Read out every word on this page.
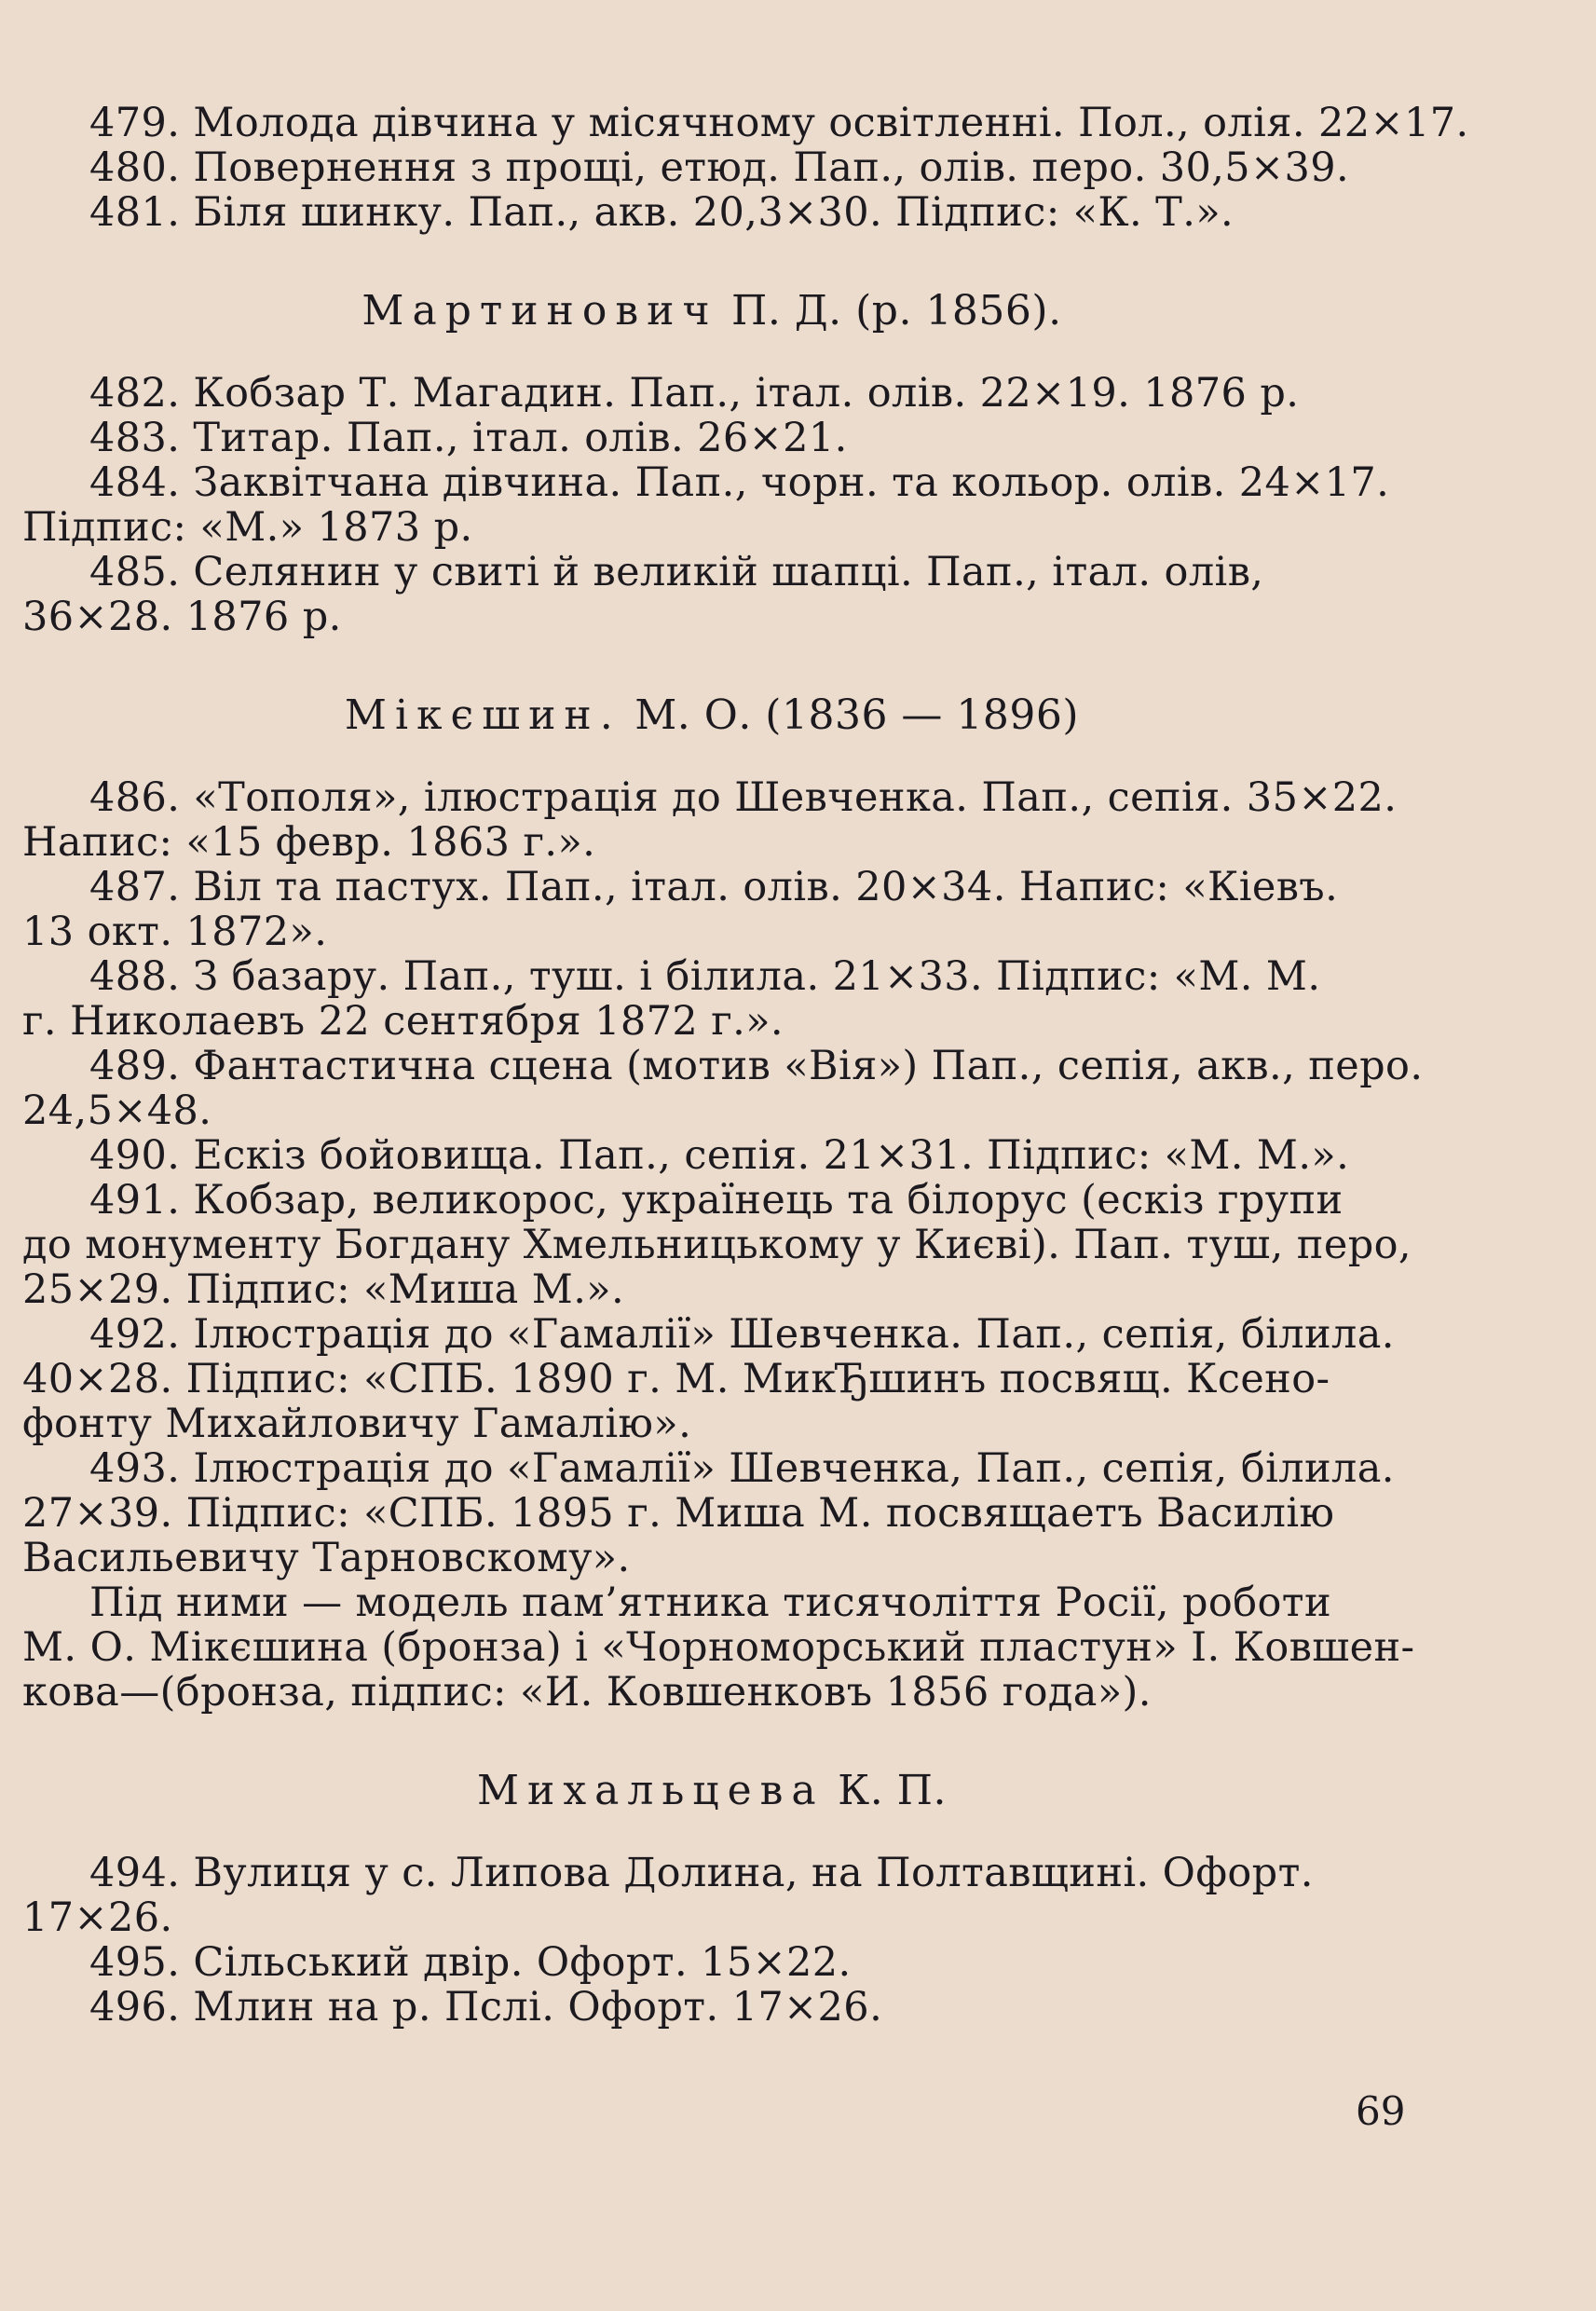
479. Молода дівчина у місячному освітленні. Пол., олія. 22×17.

480. Повернення з прощі, етюд. Пап., олів. перо. 30,5×39.

481. Біля шинку. Пап., акв. 20,3×30. Підпис: «К. Т.».

Мартинович П. Д. (р. 1856).

482. Кобзар Т. Магадин. Пап., італ. олів. 22×19. 1876 р.

483. Титар. Пап., італ. олів. 26×21.

484. Заквітчана дівчина. Пап., чорн. та кольор. олів. 24×17.

Підпис: «М.» 1873 р.

485. Селянин у свиті й великій шапці. Пап., італ. олів,

36×28. 1876 р.

Мікєшин. М. О. (1836 — 1896)

486. «Тополя», ілюстрація до Шевченка. Пап., сепія. 35×22.

Напис: «15 февр. 1863 г.».

487. Віл та пастух. Пап., італ. олів. 20×34. Напис: «Кіевъ.

13 окт. 1872».

488. З базару. Пап., туш. і білила. 21×33. Підпис: «М. М.

г. Николаевъ 22 сентября 1872 г.».

489. Фантастична сцена (мотив «Вія») Пап., сепія, акв., перо.

24,5×48.

490. Ескіз бойовища. Пап., сепія. 21×31. Підпис: «М. М.».

491. Кобзар, великорос, українець та білорус (ескіз групи

до монументу Богдану Хмельницькому у Києві). Пап. туш, перо,

25×29. Підпис: «Миша М.».

492. Ілюстрація до «Гамалії» Шевченка. Пап., сепія, білила.

40×28. Підпис: «СПБ. 1890 г. М. МикЂшинъ посвящ. Ксено-

фонту Михайловичу Гамалію».

493. Ілюстрація до «Гамалії» Шевченка, Пап., сепія, білила.

27×39. Підпис: «СПБ. 1895 г. Миша М. посвящаетъ Василію

Васильевичу Тарновскому».

Під ними — модель пам’ятника тисячоліття Росії, роботи

М. О. Мікєшина (бронза) і «Чорноморський пластун» І. Ковшен-

кова—(бронза, підпис: «И. Ковшенковъ 1856 года»).

Михальцева К. П.

494. Вулиця у с. Липова Долина, на Полтавщині. Офорт.

17×26.

495. Сільський двір. Офорт. 15×22.

496. Млин на р. Пслі. Офорт. 17×26.

69
